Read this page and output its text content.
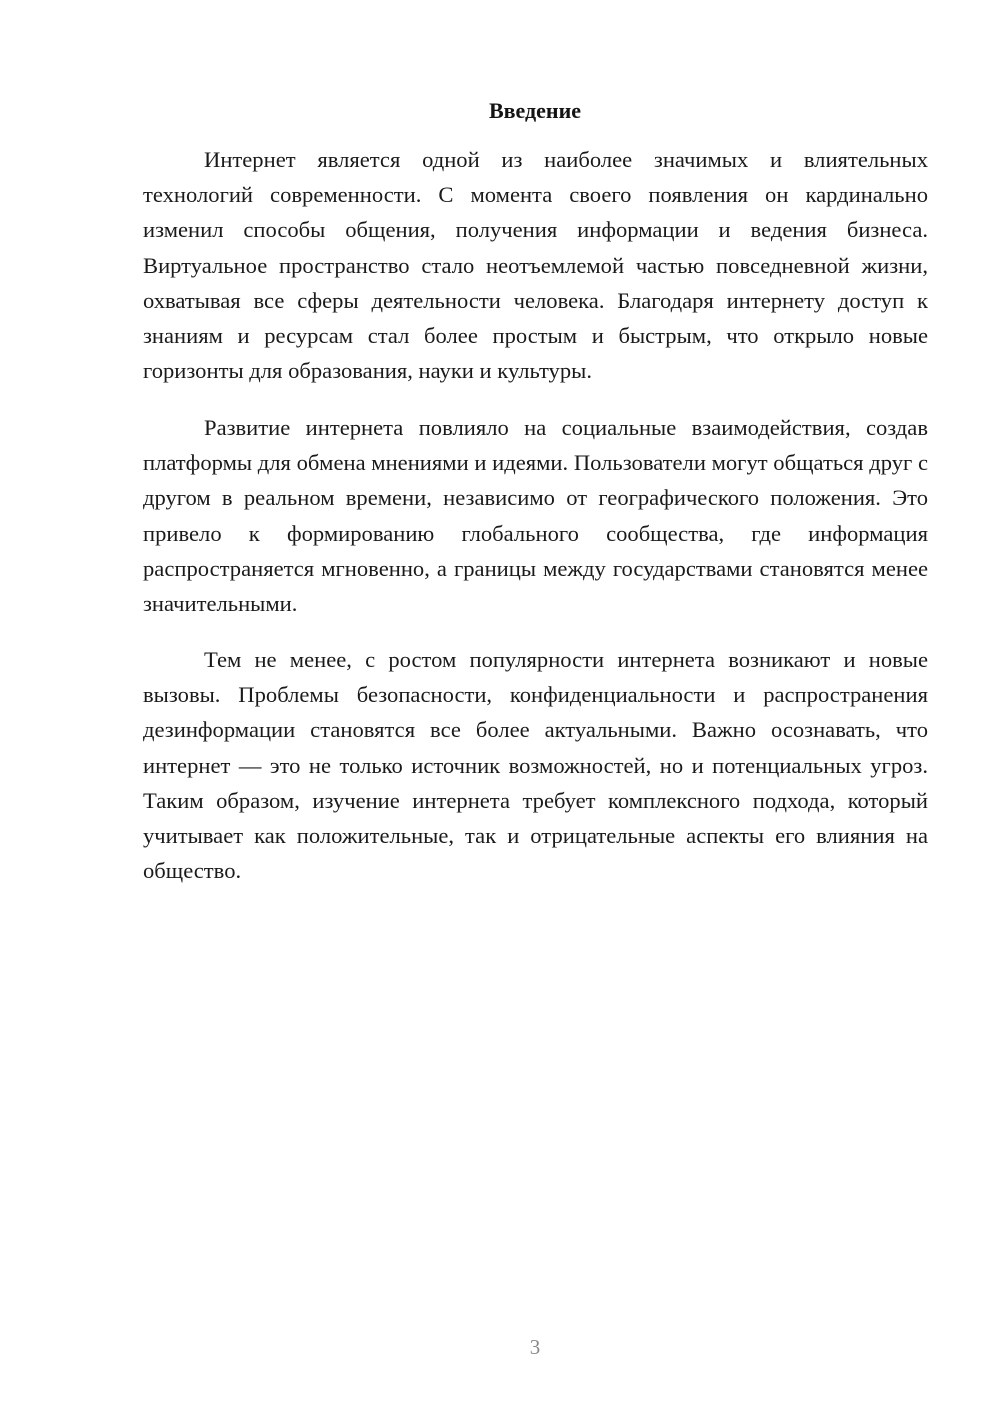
Введение

Интернет является одной из наиболее значимых и влиятельных технологий современности. С момента своего появления он кардинально изменил способы общения, получения информации и ведения бизнеса. Виртуальное пространство стало неотъемлемой частью повседневной жизни, охватывая все сферы деятельности человека. Благодаря интернету доступ к знаниям и ресурсам стал более простым и быстрым, что открыло новые горизонты для образования, науки и культуры.

Развитие интернета повлияло на социальные взаимодействия, создав платформы для обмена мнениями и идеями. Пользователи могут общаться друг с другом в реальном времени, независимо от географического положения. Это привело к формированию глобального сообщества, где информация распространяется мгновенно, а границы между государствами становятся менее значительными.

Тем не менее, с ростом популярности интернета возникают и новые вызовы. Проблемы безопасности, конфиденциальности и распространения дезинформации становятся все более актуальными. Важно осознавать, что интернет — это не только источник возможностей, но и потенциальных угроз. Таким образом, изучение интернета требует комплексного подхода, который учитывает как положительные, так и отрицательные аспекты его влияния на общество.

3
